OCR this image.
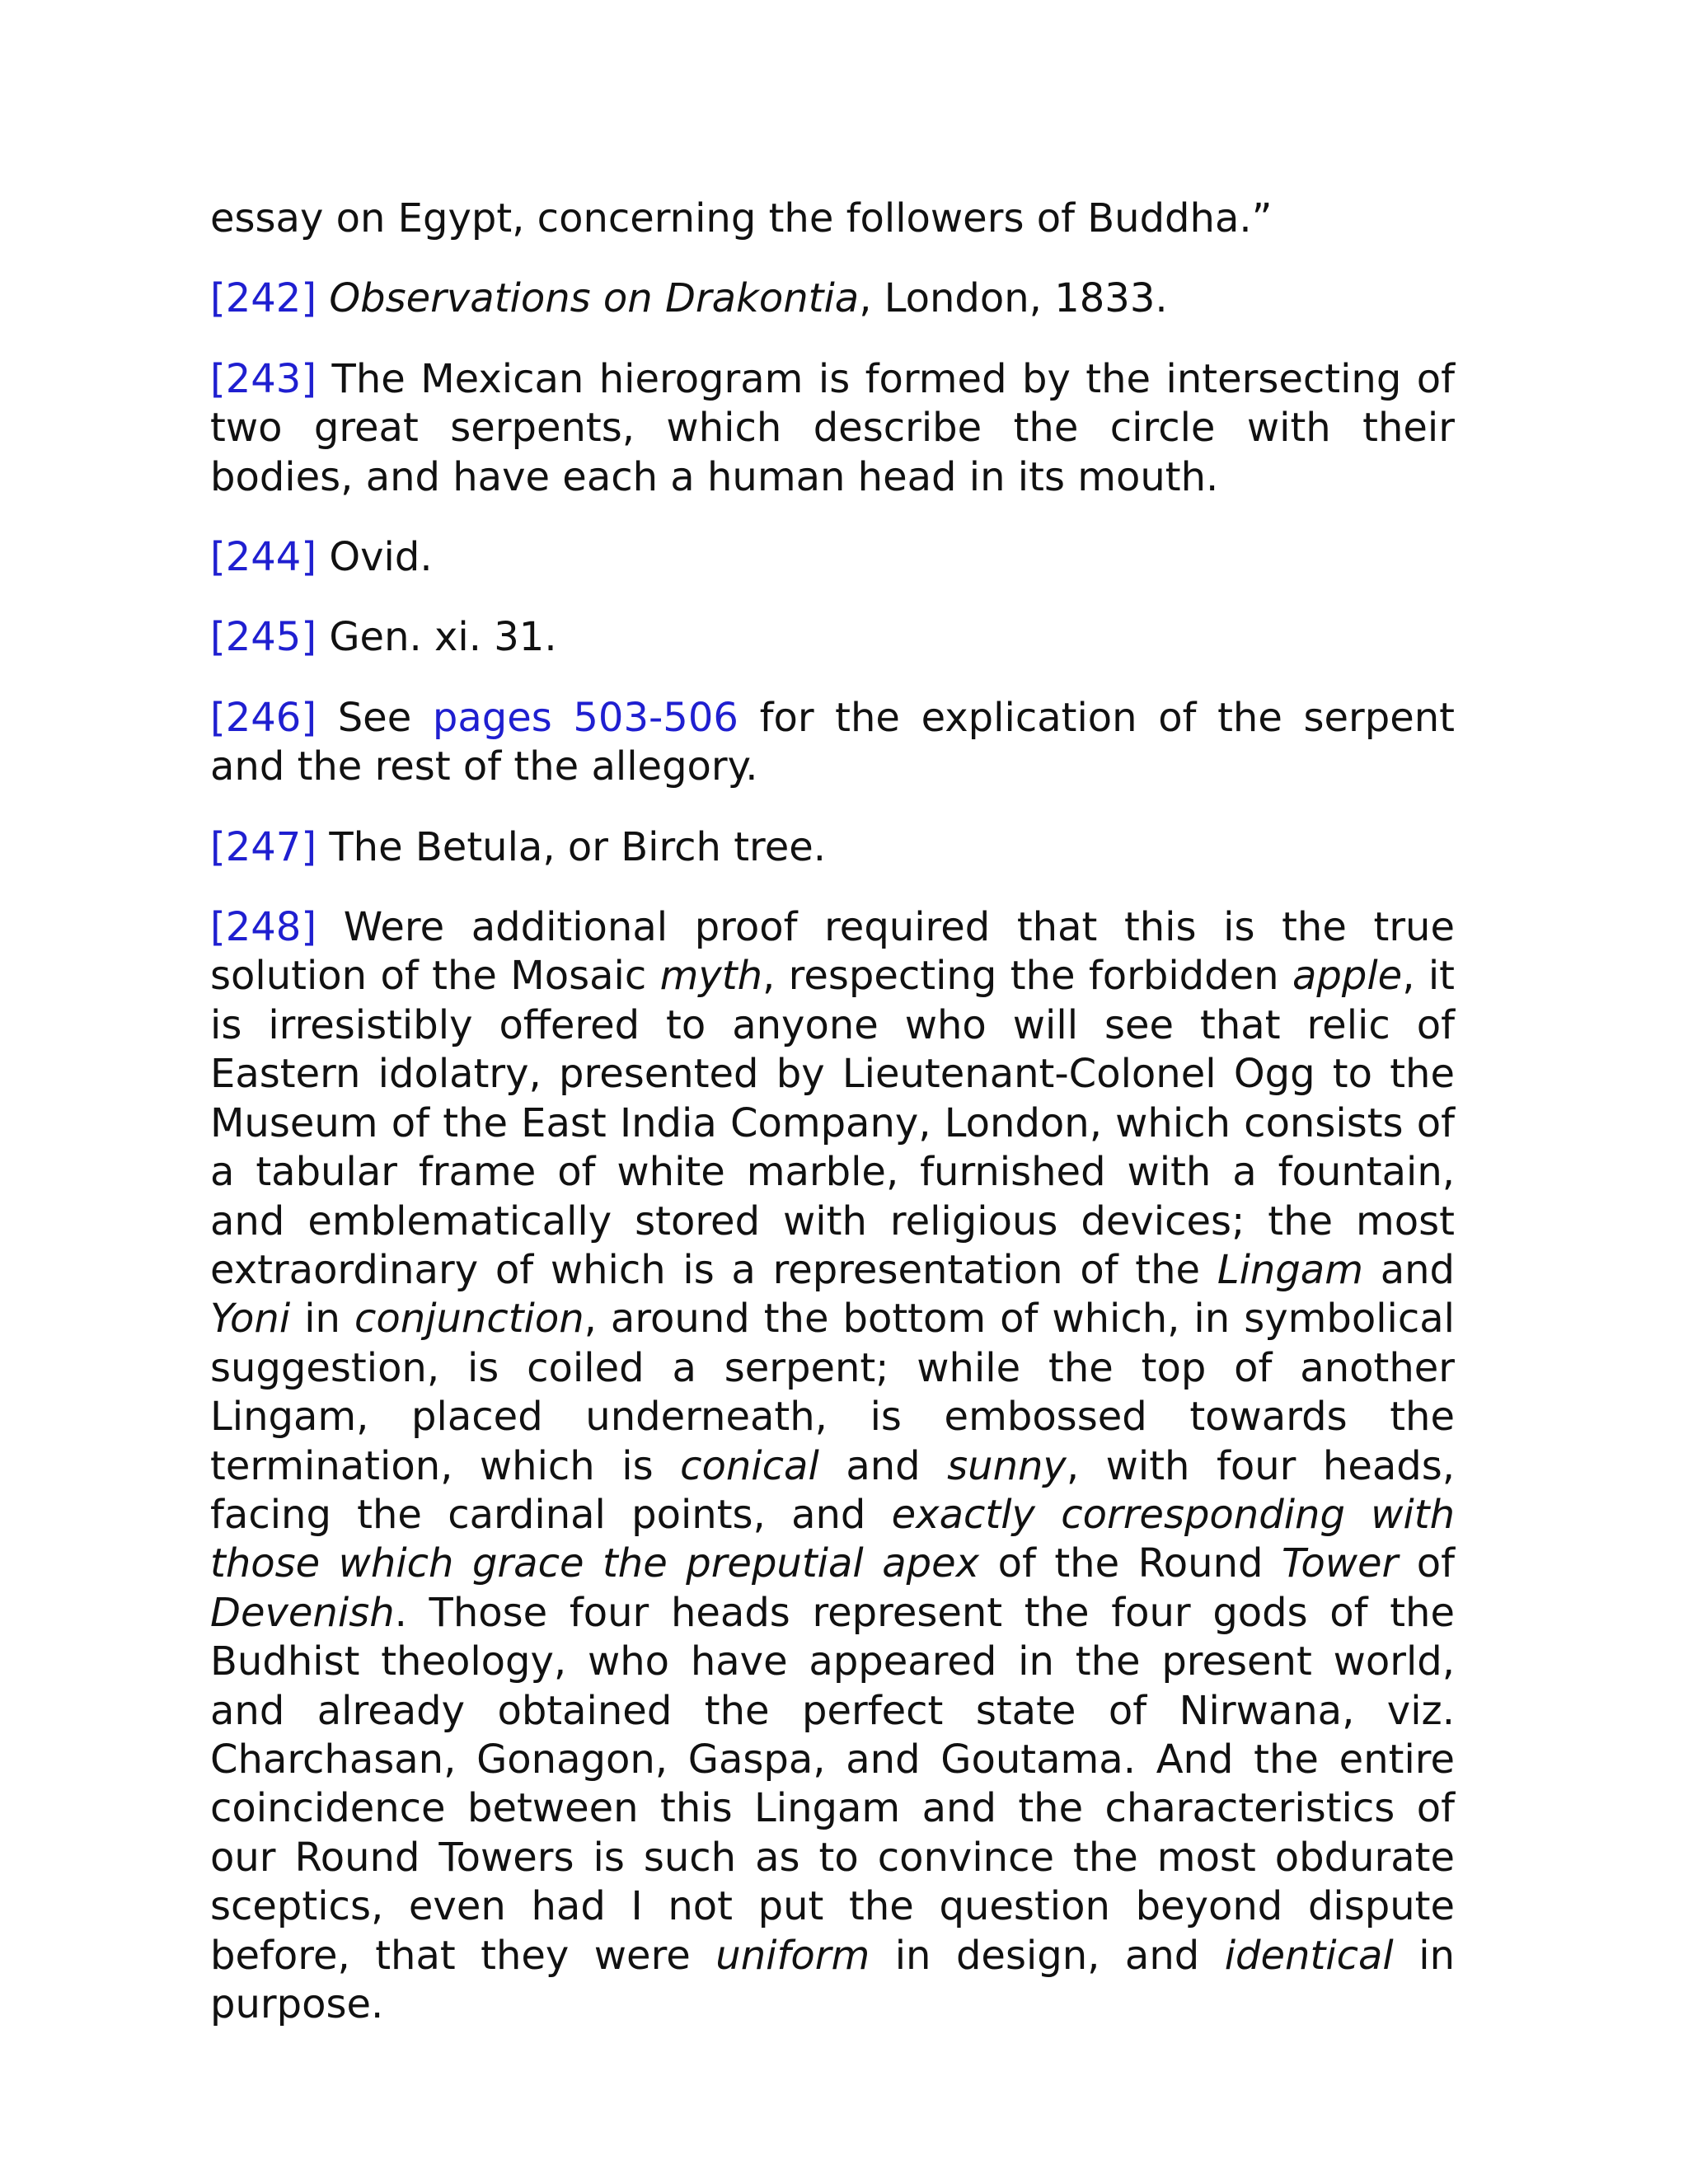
essay on Egypt, concerning the followers of Buddha.”

[242] Observations on Drakontia, London, 1833.

[243] The Mexican hierogram is formed by the intersecting of two great serpents, which describe the circle with their bodies, and have each a human head in its mouth.

[244] Ovid.

[245] Gen. xi. 31.

[246] See pages 503-506 for the explication of the serpent and the rest of the allegory.

[247] The Betula, or Birch tree.

[248] Were additional proof required that this is the true solution of the Mosaic myth, respecting the forbidden apple, it is irresistibly offered to anyone who will see that relic of Eastern idolatry, presented by Lieutenant-Colonel Ogg to the Museum of the East India Company, London, which consists of a tabular frame of white marble, furnished with a fountain, and emblematically stored with religious devices; the most extraordinary of which is a representation of the Lingam and Yoni in conjunction, around the bottom of which, in symbolical suggestion, is coiled a serpent; while the top of another Lingam, placed underneath, is embossed towards the termination, which is conical and sunny, with four heads, facing the cardinal points, and exactly corresponding with those which grace the preputial apex of the Round Tower of Devenish. Those four heads represent the four gods of the Budhist theology, who have appeared in the present world, and already obtained the perfect state of Nirwana, viz. Charchasan, Gonagon, Gaspa, and Goutama. And the entire coincidence between this Lingam and the characteristics of our Round Towers is such as to convince the most obdurate sceptics, even had I not put the question beyond dispute before, that they were uniform in design, and identical in purpose.
